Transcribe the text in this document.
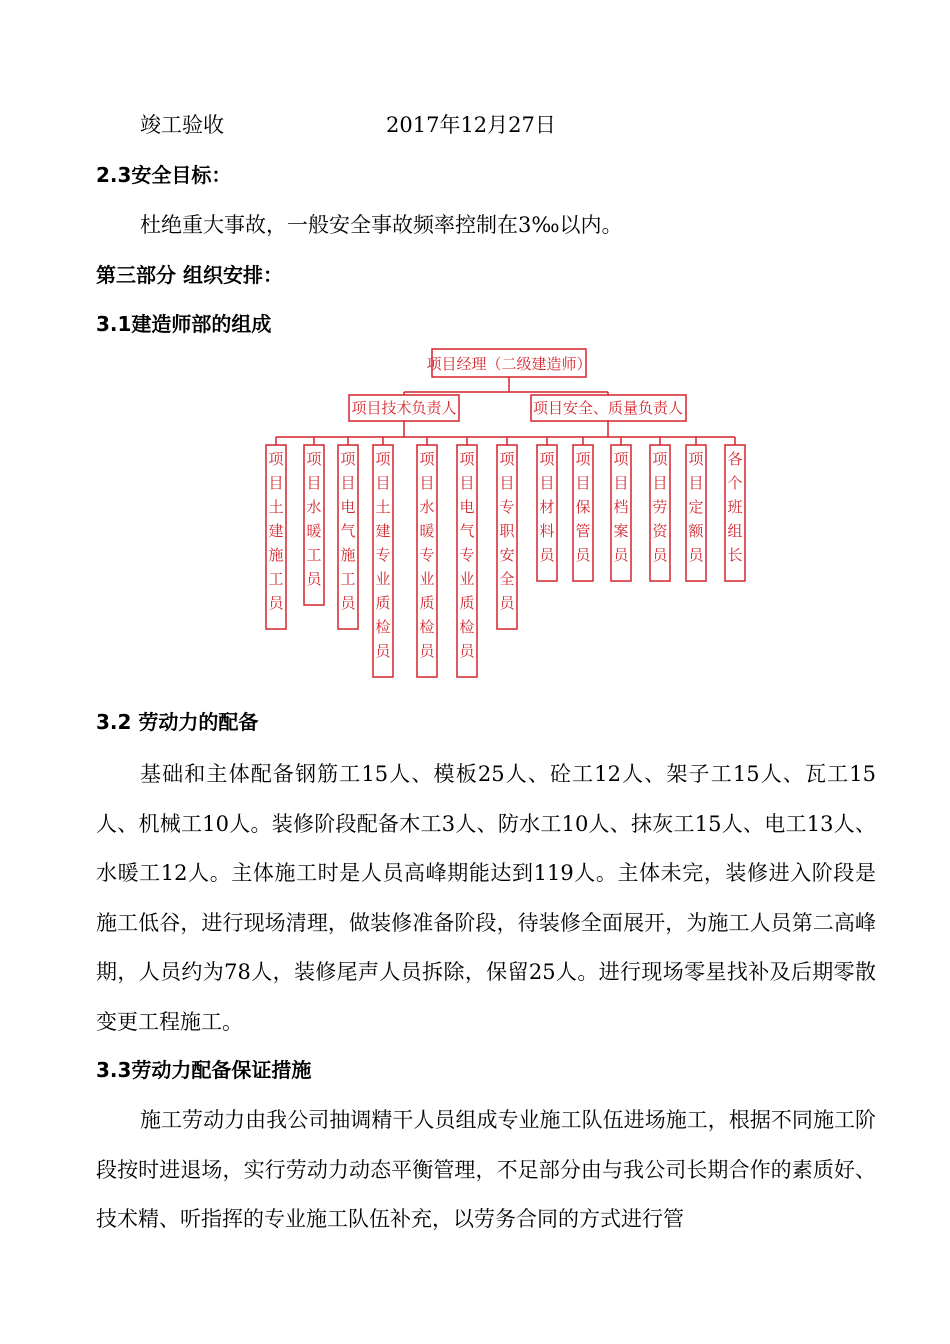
竣工验收	2017年12月27日
2.3安全目标：
杜绝重大事故，一般安全事故频率控制在3‰以内。
第三部分 组织安排：
3.1建造师部的组成
项目土建施工员
项目水暖工员
项目电气施工员
项目土建专业质检员
项目水暖专业质检员
项目电气专业质检员
项目专职安全员
项目材料员
项目保管员
项目档案员
项目劳资员
项目定额员
各个班组长
项目经理（二级建造师）
项目技术负责人	项目安全、质量负责人
3.2 劳动力的配备
基础和主体配备钢筋工15人、模板25人、砼工12人、架子工15人、瓦工15人、机械工10人。装修阶段配备木工3人、防水工10人、抹灰工15人、电工13人、水暖工12人。主体施工时是人员高峰期能达到119人。主体未完，装修进入阶段是施工低谷，进行现场清理，做装修准备阶段，待装修全面展开，为施工人员第二高峰期，人员约为78人，装修尾声人员拆除，保留25人。进行现场零星找补及后期零散变更工程施工。
3.3劳动力配备保证措施
施工劳动力由我公司抽调精干人员组成专业施工队伍进场施工，根据不同施工阶段按时进退场，实行劳动力动态平衡管理，不足部分由与我公司长期合作的素质好、技术精、听指挥的专业施工队伍补充，以劳务合同的方式进行管
